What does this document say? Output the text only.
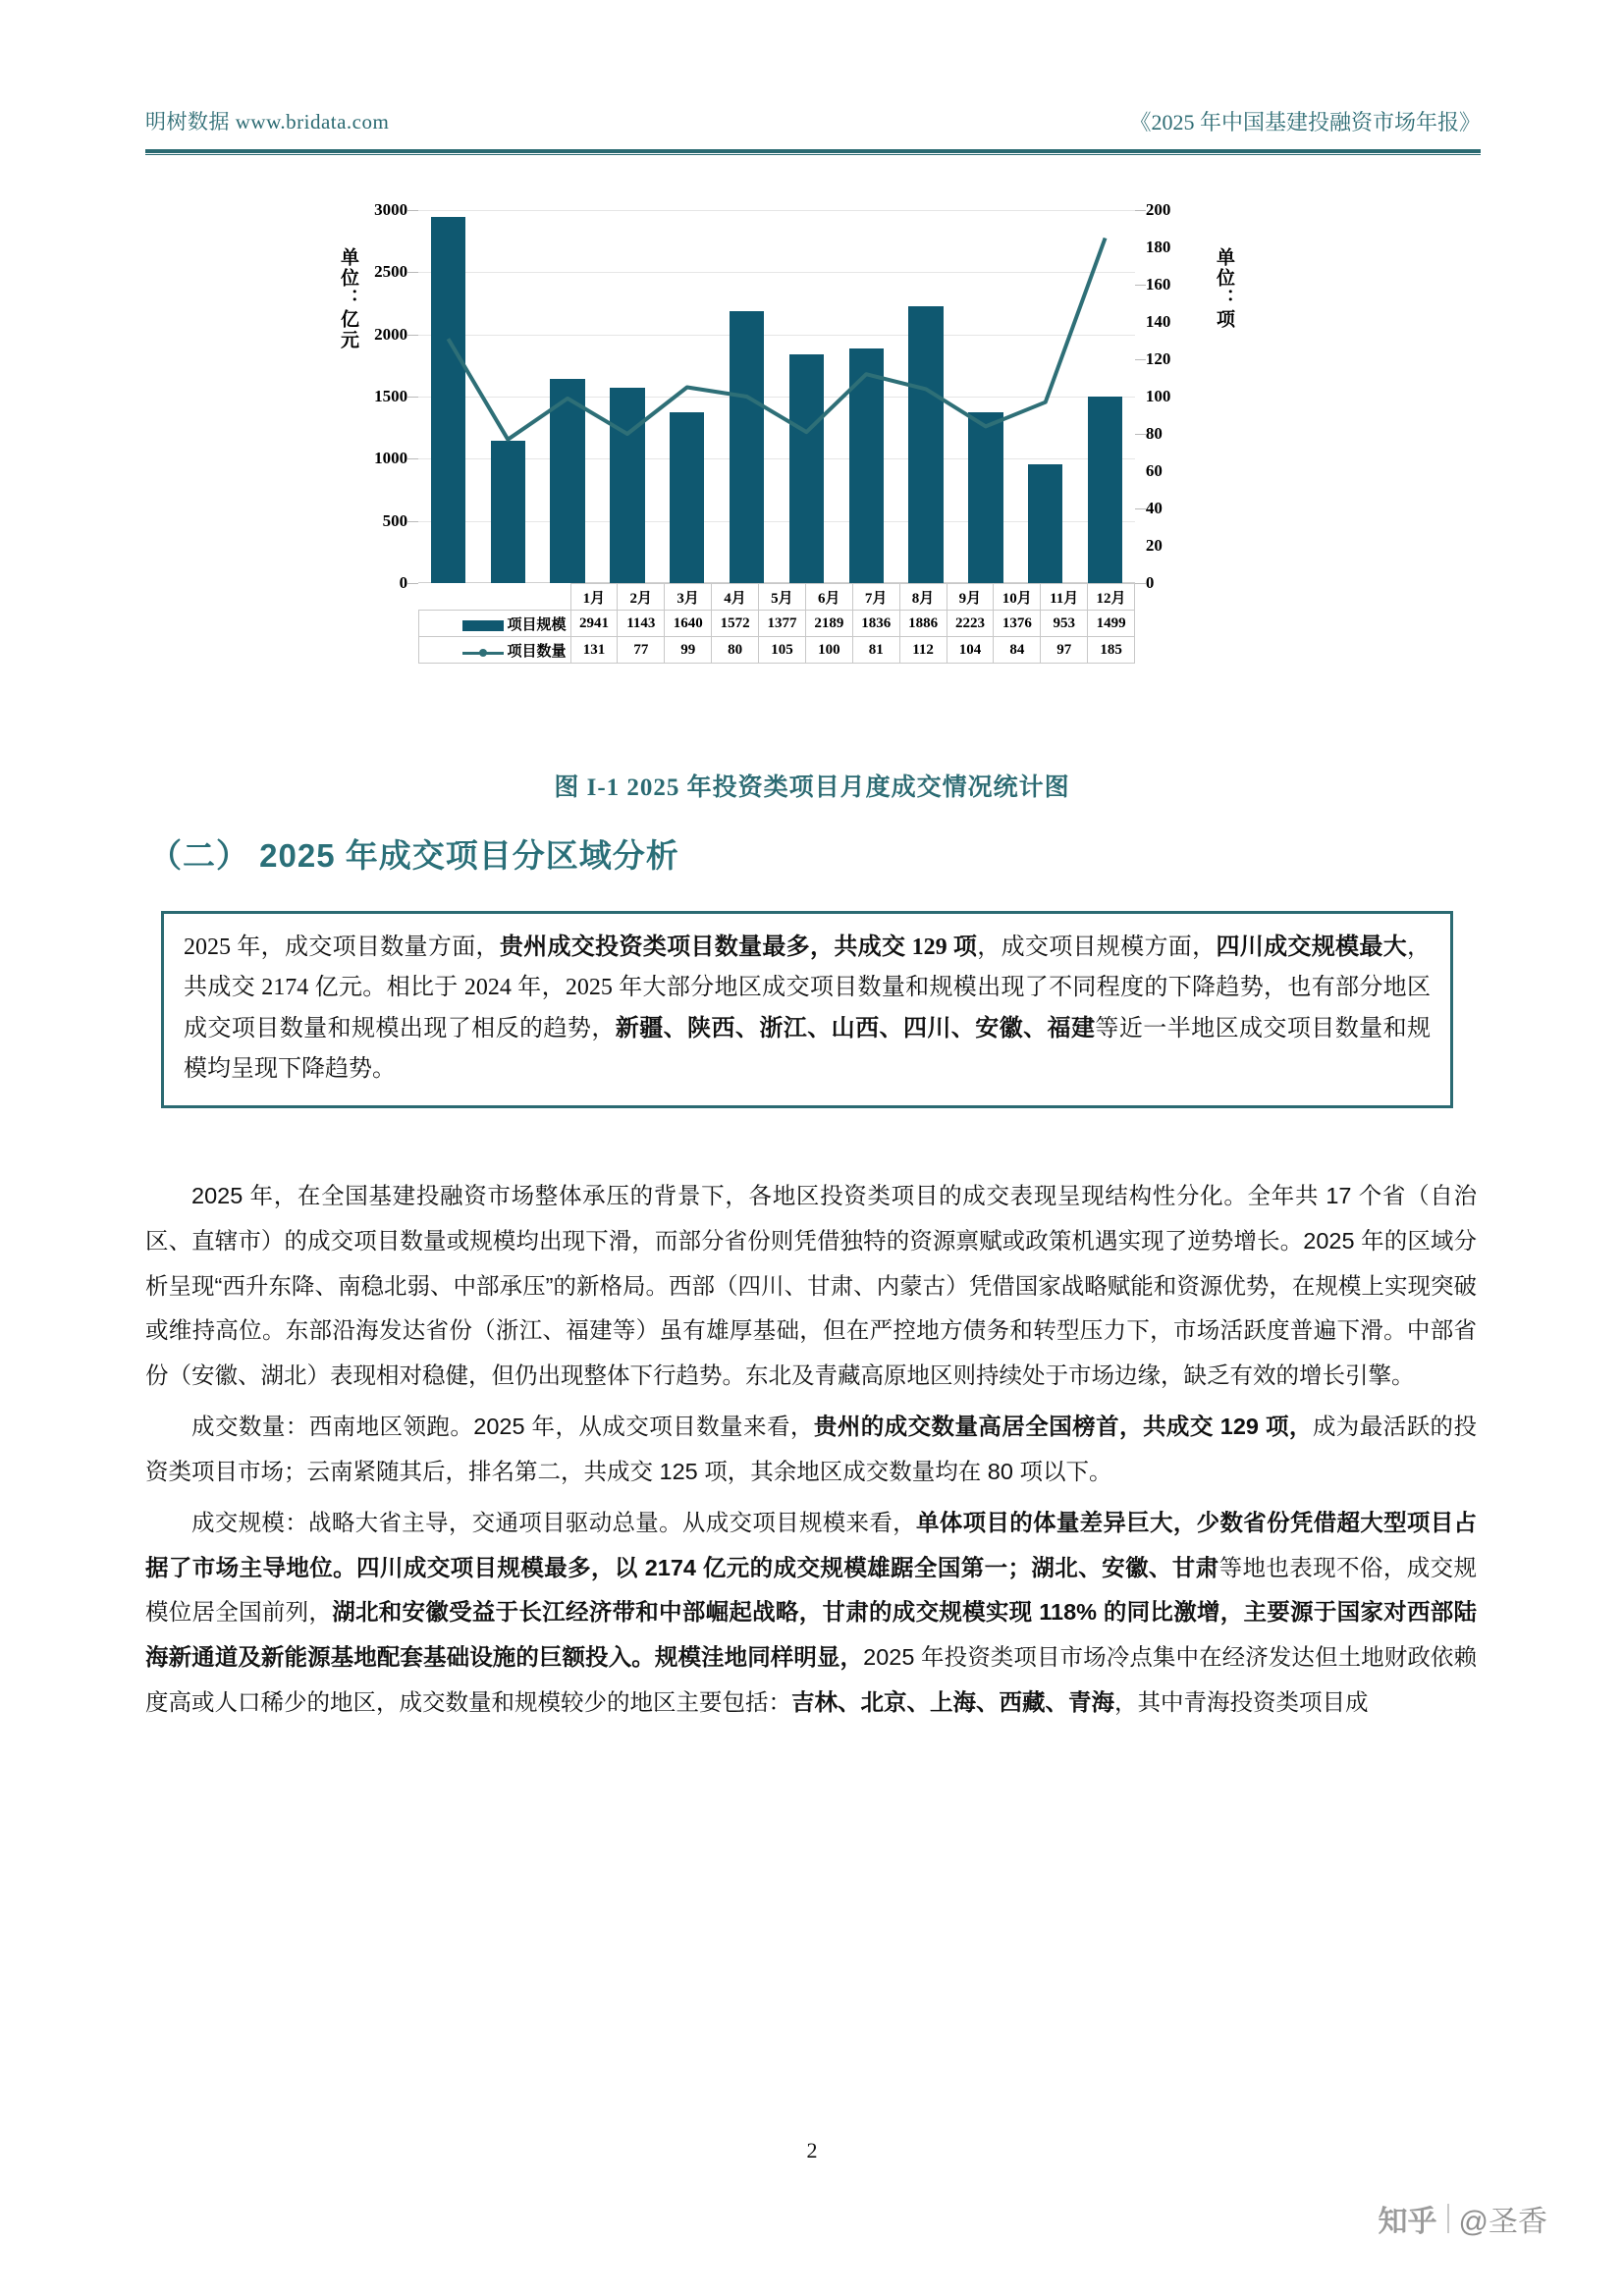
明树数据 www.bridata.com	《2025 年中国基建投融资市场年报》
单位：亿元	单位：项
0
500
1000
1500
2000
2500
3000
0
20
40
60
80
100
120
140
160
180
200
	1月	2月	3月	4月	5月	6月	7月	8月	9月	10月	11月	12月
项目规模	2941	1143	1640	1572	1377	2189	1836	1886	2223	1376	953	1499
项目数量	131	77	99	80	105	100	81	112	104	84	97	185
图 I-1 2025 年投资类项目月度成交情况统计图
（二） 2025 年成交项目分区域分析

2025 年，成交项目数量方面，贵州成交投资类项目数量最多，共成交 129 项，成交项目规模方面，四川成交规模最大，共成交 2174 亿元。相比于 2024 年，2025 年大部分地区成交项目数量和规模出现了不同程度的下降趋势，也有部分地区成交项目数量和规模出现了相反的趋势，新疆、陕西、浙江、山西、四川、安徽、福建等近一半地区成交项目数量和规模均呈现下降趋势。

2025 年，在全国基建投融资市场整体承压的背景下，各地区投资类项目的成交表现呈现结构性分化。全年共 17 个省（自治区、直辖市）的成交项目数量或规模均出现下滑，而部分省份则凭借独特的资源禀赋或政策机遇实现了逆势增长。2025 年的区域分析呈现“西升东降、南稳北弱、中部承压”的新格局。西部（四川、甘肃、内蒙古）凭借国家战略赋能和资源优势，在规模上实现突破或维持高位。东部沿海发达省份（浙江、福建等）虽有雄厚基础，但在严控地方债务和转型压力下，市场活跃度普遍下滑。中部省份（安徽、湖北）表现相对稳健，但仍出现整体下行趋势。东北及青藏高原地区则持续处于市场边缘，缺乏有效的增长引擎。

成交数量：西南地区领跑。2025 年，从成交项目数量来看，贵州的成交数量高居全国榜首，共成交 129 项，成为最活跃的投资类项目市场；云南紧随其后，排名第二，共成交 125 项，其余地区成交数量均在 80 项以下。

成交规模：战略大省主导，交通项目驱动总量。从成交项目规模来看，单体项目的体量差异巨大，少数省份凭借超大型项目占据了市场主导地位。四川成交项目规模最多，以 2174 亿元的成交规模雄踞全国第一；湖北、安徽、甘肃等地也表现不俗，成交规模位居全国前列，湖北和安徽受益于长江经济带和中部崛起战略，甘肃的成交规模实现 118% 的同比激增，主要源于国家对西部陆海新通道及新能源基地配套基础设施的巨额投入。规模洼地同样明显，2025 年投资类项目市场冷点集中在经济发达但土地财政依赖度高或人口稀少的地区，成交数量和规模较少的地区主要包括：吉林、北京、上海、西藏、青海，其中青海投资类项目成

2
知乎 @圣香
